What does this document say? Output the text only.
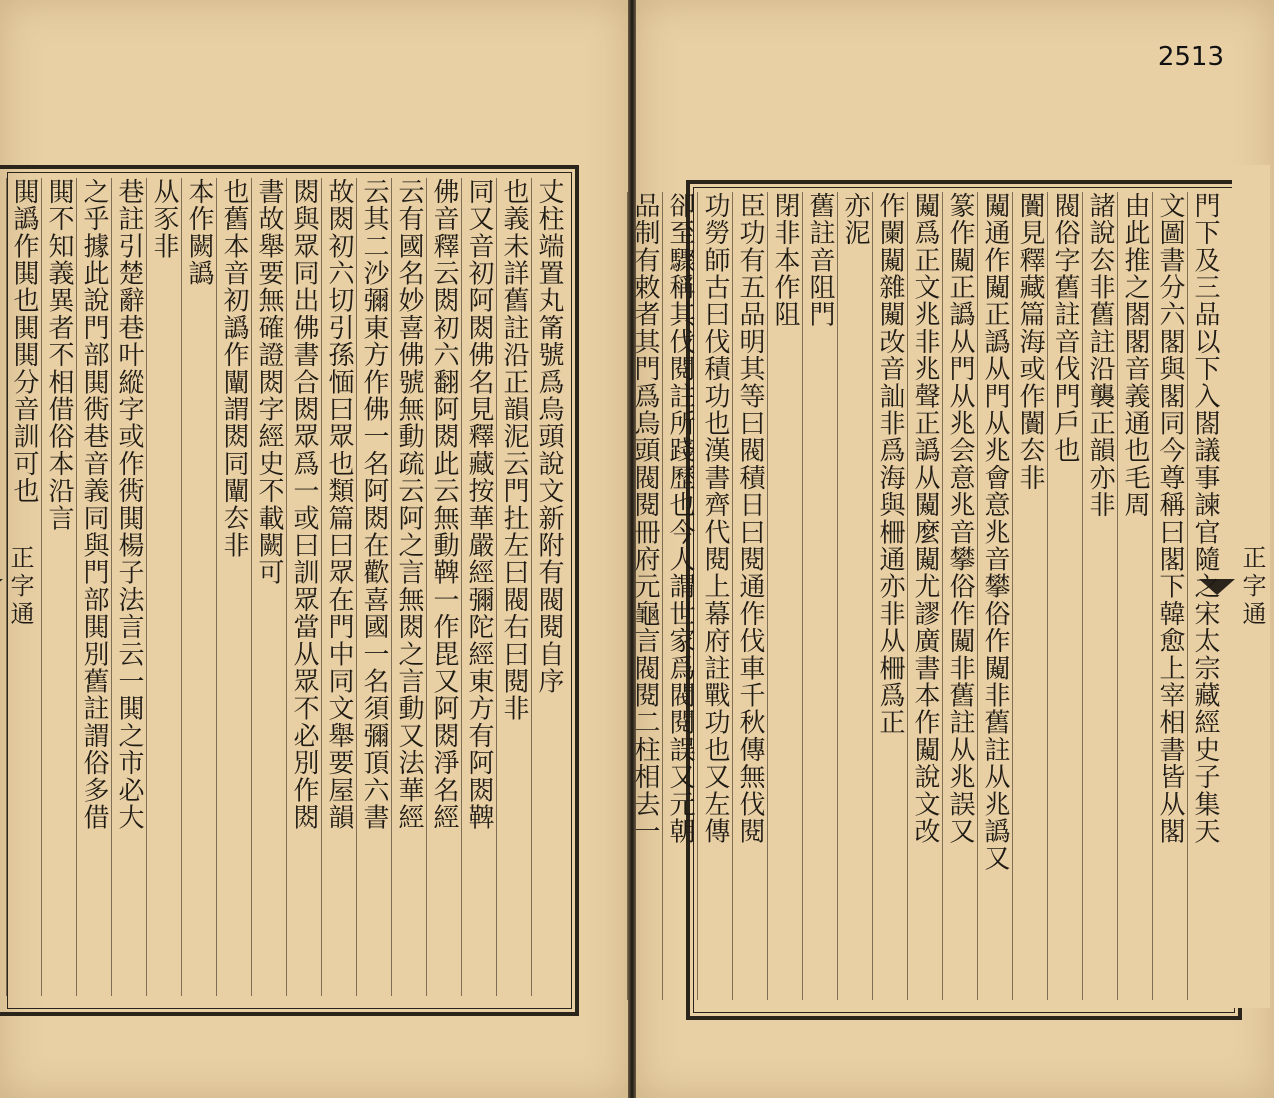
2513
正字通	正字通
丈柱端置丸筩號爲烏頭說文新附有閥閱自序
也義未詳舊註沿正韻泥云門扗左曰閥右曰閱非
同又音初阿閦佛名見釋藏按華嚴經彌陀經東方有阿閦鞞
佛音釋云閦初六翻阿閦此云無動鞞一作毘又阿閦淨名經
云有國名妙喜佛號無動疏云阿之言無閦之言動又法華經
云其二沙彌東方作佛一名阿閦在歡喜國一名須彌頂六書
故閦初六切引孫愐曰眾也類篇曰眾在門中同文舉要屋韻
閦與眾同出佛書合閦眾爲一或曰訓眾當从眾不必別作閦
書故舉要無確證閦字經史不載闕可
也舊本音初譌作闡謂閦同闡厺非
本作闕譌
从豕非
巷註引楚辭巷叶縱字或作衖閧楊子法言云一閧之市必大
之乎據此說門部閧衖巷音義同與門部閧別舊註謂俗多借
閧不知義異者不相借俗本沿言
閧譌作閧也閧閧分音訓可也	門下及三品以下入閤議事諫官隨之宋太宗藏經史子集天
文圖書分六閣與閣同今尊稱曰閣下韓愈上宰相書皆从閣
由此推之閤閣音義通也毛周
諸說厺非舊註沿襲正韻亦非
閥俗字舊註音伐門戶也
闠見釋藏篇海或作闠厺非
闚通作闚正譌从門从兆會意兆音攀俗作闚非舊註从兆譌又
篆作闚正譌从門从兆会意兆音攀俗作闚非舊註从兆誤又
闚爲正文兆非兆聲正譌从闚麼闚尤謬廣書本作闚說文改
作闌闚雜闚改音訕非爲海與柵通亦非从柵爲正
亦泥
舊註音阻門
閉非本作阻
臣功有五品明其等曰閥積日曰閱通作伐車千秋傳無伐閱
功勞師古曰伐積功也漢書齊代閱上幕府註戰功也又左傳
卻至驟稱其伐閱註所踐歷也今人謂世家爲閥閱誤又元朝
品制有敕者其門爲烏頭閥閱冊府元龜言閥閱二柱相去一
